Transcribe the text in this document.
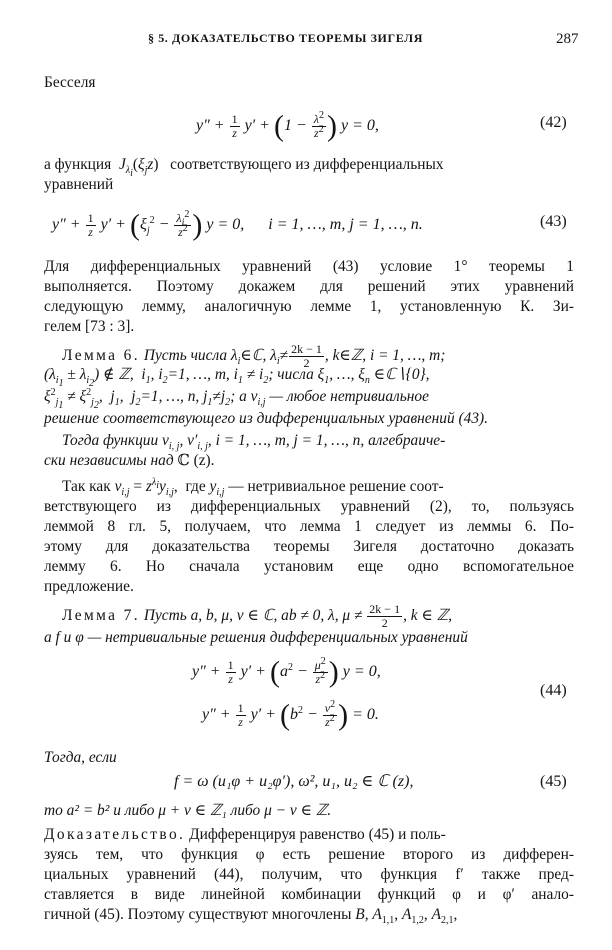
§ 5. ДОКАЗАТЕЛЬСТВО ТЕОРЕМЫ ЗИГЕЛЯ	287
Бесселя
$y'' + \frac{1}{z} y' + (1 - \frac{\lambda^2}{z^2}$ ) y = 0,	(42)
а функция $J_{\lambda_i}(\xi_jz)$ соответствующего из дифференциальных
уравнений
$y'' + \frac{1}{z} y' + (\xi_j^2 - \frac{\lambda_i^2}{z^2}$ ) y = 0,      i = 1, …, m, j = 1, …, n.	(43)
Для дифференциальных уравнений (43) условие 1° теоремы 1
выполняется. Поэтому докажем для решений этих уравнений
следующую лемму, аналогичную лемме 1, установленную К. Зи-
гелем [73 : 3].
Лемма 6. Пусть числа $\lambda_i\in ℂ$, $\lambda_i\ne \frac{2k - 1}{2}$ , k∈ℤ, i = 1, …, m;
$(\lambda_{i_1} \pm \lambda_{i_2})$ ∉ ℤ,  $i_1$, $i_2=1$, …, m, $i_1 \ne i_2$; числа $\xi_1$, …, $\xi_n$ ∈ℂ∖{0},
$\xi^2_{j_1} \ne \xi^2_{j_2}$,  $j_1$,  $j_2=1$, …, n, $j_1\ne j_2$; а $v_{i,j}$ — любое нетривиальное
решение соответствующего из дифференциальных уравнений (43).
Тогда функции $v_{i, j}$, $v'_{i, j}$, i = 1, …, m, j = 1, …, n, алгебраиче-
ски независимы над ℂ (z).
Так как $v_{i,j} = z^{\lambda_i}y_{i,j}$,  где $y_{i,j}$ — нетривиальное решение соот-
ветствующего из дифференциальных уравнений (2), то, пользуясь
леммой 8 гл. 5, получаем, что лемма 1 следует из леммы 6. По-
этому для доказательства теоремы Зигеля достаточно доказать
лемму 6. Но сначала установим еще одно вспомогательное
предложение.
Лемма 7. Пусть a, b, μ, ν ∈ ℂ, ab ≠ 0, λ, $\mu \ne \frac{2k - 1}{2}$ , k ∈ ℤ,
a f и φ — нетривиальные решения дифференциальных уравнений
$y'' + \frac{1}{z} y' + (a^2 - \frac{\mu^2}{z^2}$ ) y = 0,
$y'' + \frac{1}{z} y' + (b^2 - \frac{\nu^2}{z^2}$ ) = 0.
(44)
Тогда, если
f = ω (u₁φ + u₂φ′), ω², u₁, u₂ ∈ ℂ (z),	(45)
то a² = b² и либо μ + ν ∈ ℤ₁ либо μ − ν ∈ ℤ.
Доказательство. Дифференцируя равенство (45) и поль-
зуясь тем, что функция φ есть решение второго из дифферен-
циальных уравнений (44), получим, что функция f′ также пред-
ставляется в виде линейной комбинации функций φ и φ′ анало-
гичной (45). Поэтому существуют многочлены B, $A_{1,1}$, $A_{1,2}$, $A_{2,1}$,
